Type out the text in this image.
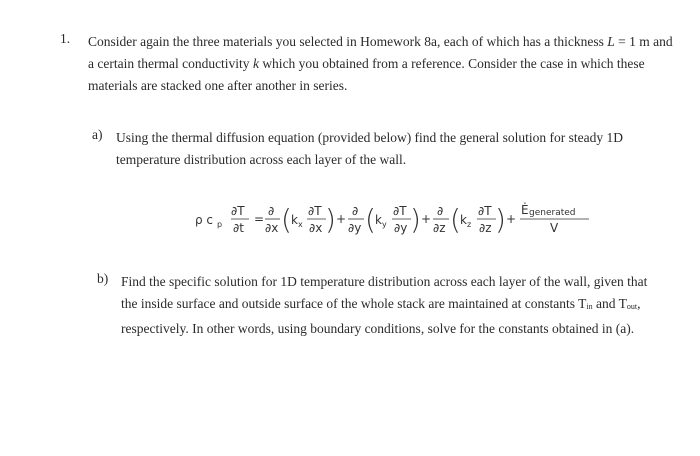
1. Consider again the three materials you selected in Homework 8a, each of which has a thickness L = 1 m and a certain thermal conductivity k which you obtained from a reference. Consider the case in which these materials are stacked one after another in series.
a) Using the thermal diffusion equation (provided below) find the general solution for steady 1D temperature distribution across each layer of the wall.
ρ c p
∂T
∂t
=
∂
∂x ( k x
∂T
∂x ) +
∂
∂y ( k y
∂T
∂y ) +
∂
∂z ( k z
∂T
∂z ) +
Ė generated
V
b) Find the specific solution for 1D temperature distribution across each layer of the wall, given that the inside surface and outside surface of the whole stack are maintained at constants Tin and Tout, respectively. In other words, using boundary conditions, solve for the constants obtained in (a).
